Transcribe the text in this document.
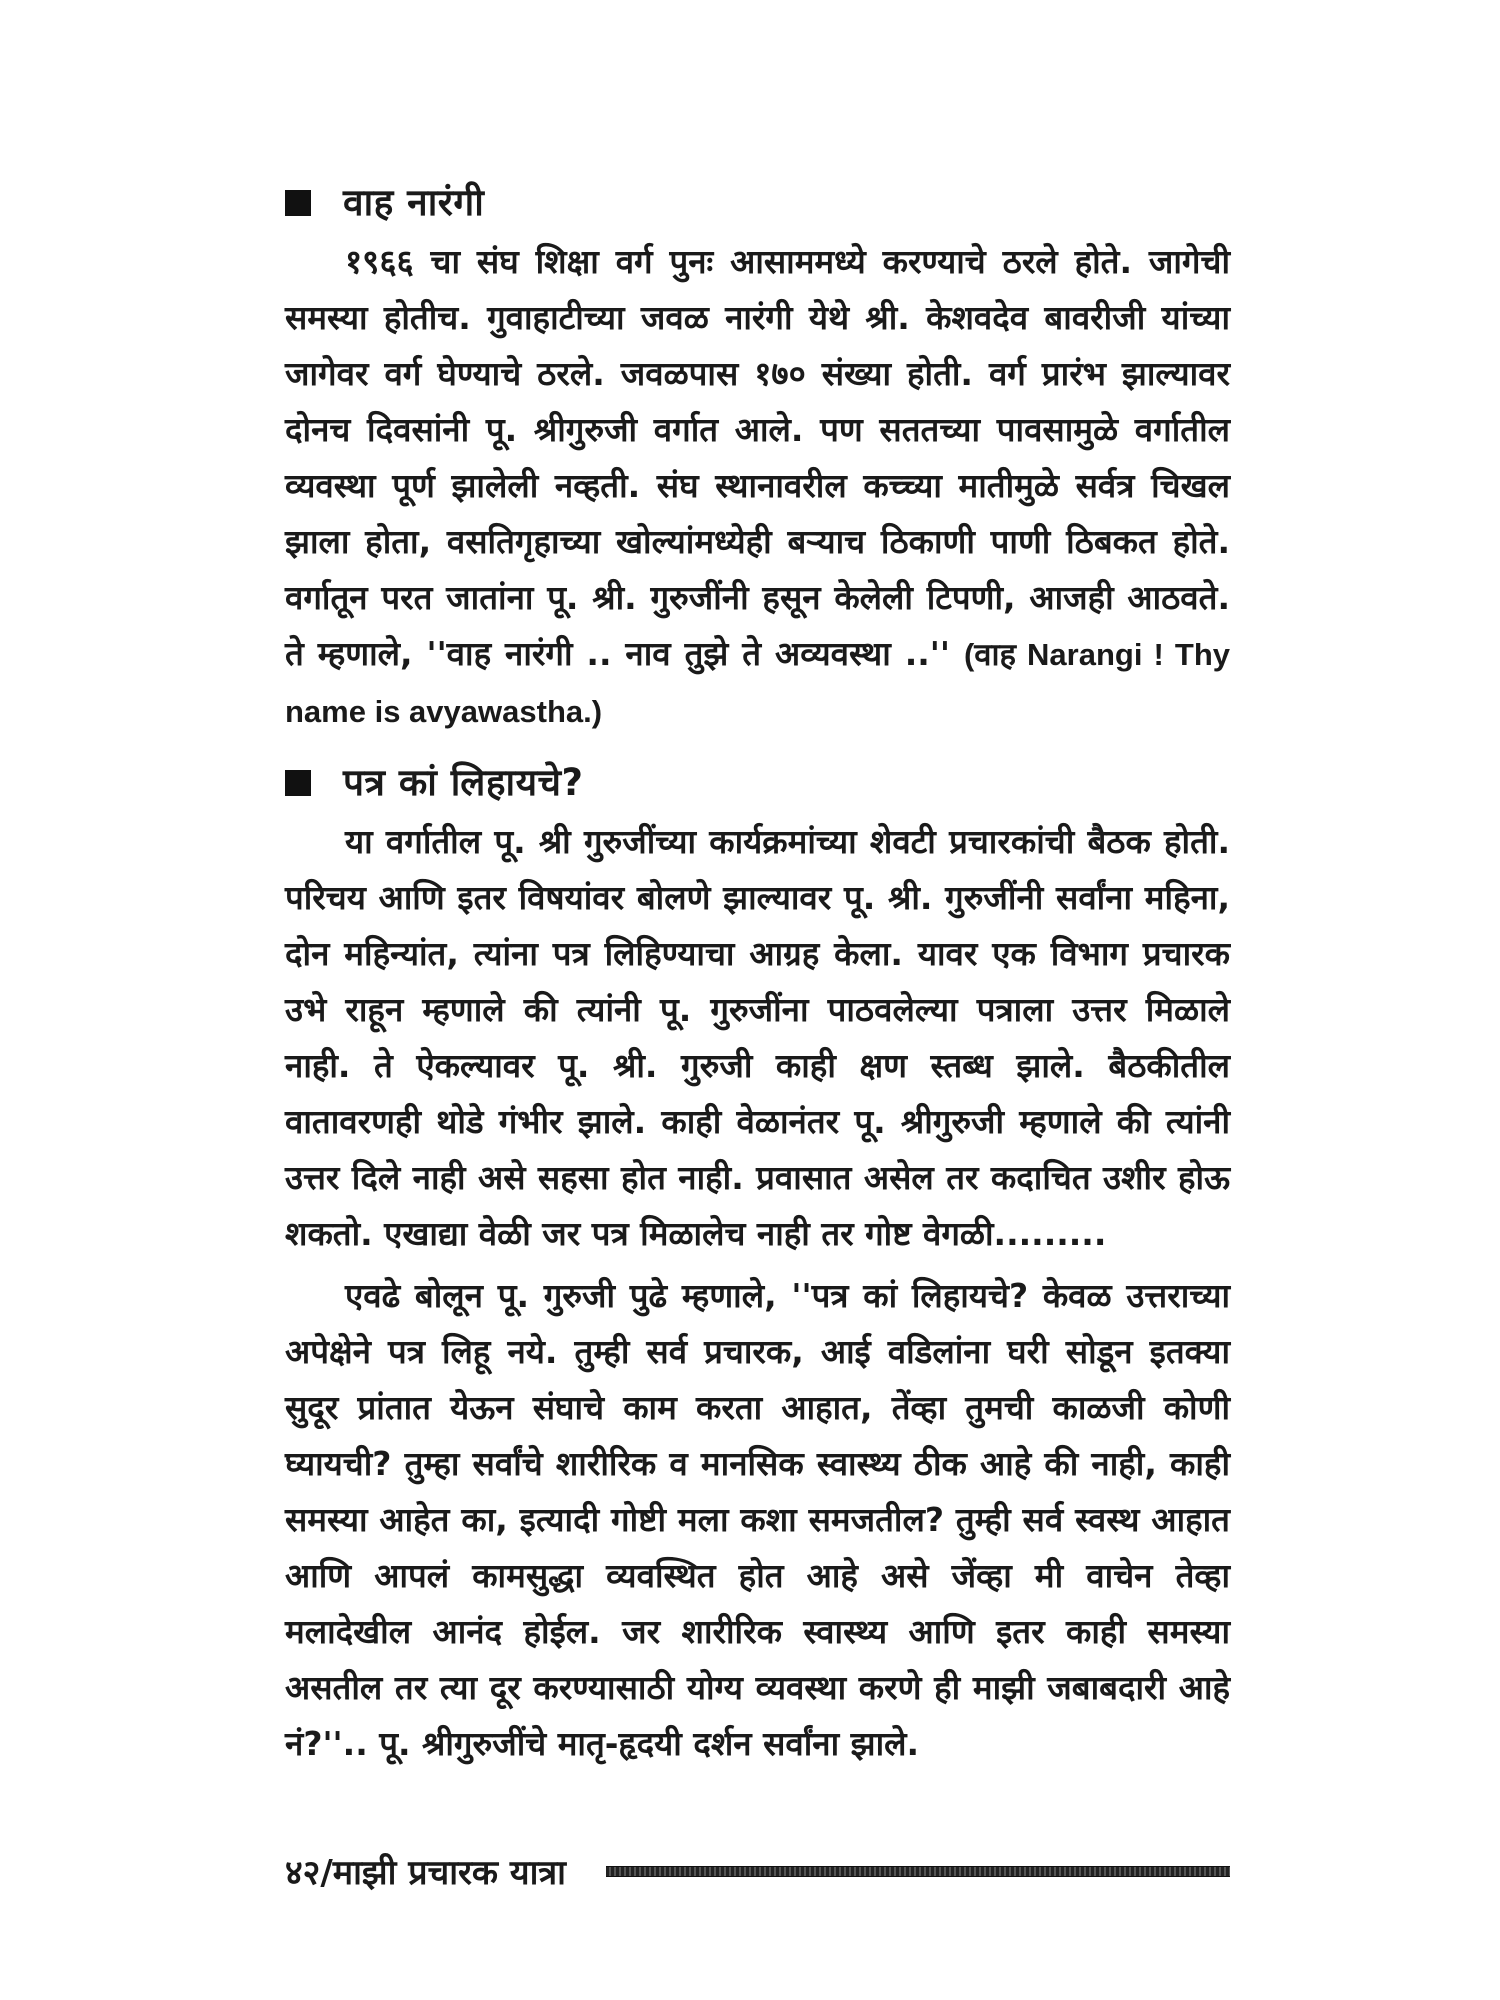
वाह नारंगी

१९६६ चा संघ शिक्षा वर्ग पुनः आसाममध्ये करण्याचे ठरले होते. जागेची समस्या होतीच. गुवाहाटीच्या जवळ नारंगी येथे श्री. केशवदेव बावरीजी यांच्या जागेवर वर्ग घेण्याचे ठरले. जवळपास १७० संख्या होती. वर्ग प्रारंभ झाल्यावर दोनच दिवसांनी पू. श्रीगुरुजी वर्गात आले. पण सततच्या पावसामुळे वर्गातील व्यवस्था पूर्ण झालेली नव्हती. संघ स्थानावरील कच्च्या मातीमुळे सर्वत्र चिखल झाला होता, वसतिगृहाच्या खोल्यांमध्येही बऱ्याच ठिकाणी पाणी ठिबकत होते. वर्गातून परत जातांना पू. श्री. गुरुजींनी हसून केलेली टिपणी, आजही आठवते. ते म्हणाले, ''वाह नारंगी .. नाव तुझे ते अव्यवस्था ..'' (वाह Narangi ! Thy name is avyawastha.)

पत्र कां लिहायचे?

या वर्गातील पू. श्री गुरुजींच्या कार्यक्रमांच्या शेवटी प्रचारकांची बैठक होती. परिचय आणि इतर विषयांवर बोलणे झाल्यावर पू. श्री. गुरुजींनी सर्वांना महिना, दोन महिन्यांत, त्यांना पत्र लिहिण्याचा आग्रह केला. यावर एक विभाग प्रचारक उभे राहून म्हणाले की त्यांनी पू. गुरुजींना पाठवलेल्या पत्राला उत्तर मिळाले नाही. ते ऐकल्यावर पू. श्री. गुरुजी काही क्षण स्तब्ध झाले. बैठकीतील वातावरणही थोडे गंभीर झाले. काही वेळानंतर पू. श्रीगुरुजी म्हणाले की त्यांनी उत्तर दिले नाही असे सहसा होत नाही. प्रवासात असेल तर कदाचित उशीर होऊ शकतो. एखाद्या वेळी जर पत्र मिळालेच नाही तर गोष्ट वेगळी.........

एवढे बोलून पू. गुरुजी पुढे म्हणाले, ''पत्र कां लिहायचे? केवळ उत्तराच्या अपेक्षेने पत्र लिहू नये. तुम्ही सर्व प्रचारक, आई वडिलांना घरी सोडून इतक्या सुदूर प्रांतात येऊन संघाचे काम करता आहात, तेंव्हा तुमची काळजी कोणी घ्यायची? तुम्हा सर्वांचे शारीरिक व मानसिक स्वास्थ्य ठीक आहे की नाही, काही समस्या आहेत का, इत्यादी गोष्टी मला कशा समजतील? तुम्ही सर्व स्वस्थ आहात आणि आपलं कामसुद्धा व्यवस्थित होत आहे असे जेंव्हा मी वाचेन तेव्हा मलादेखील आनंद होईल. जर शारीरिक स्वास्थ्य आणि इतर काही समस्या असतील तर त्या दूर करण्यासाठी योग्य व्यवस्था करणे ही माझी जबाबदारी आहे नं?''.. पू. श्रीगुरुजींचे मातृ-हृदयी दर्शन सर्वांना झाले.

४२/माझी प्रचारक यात्रा
